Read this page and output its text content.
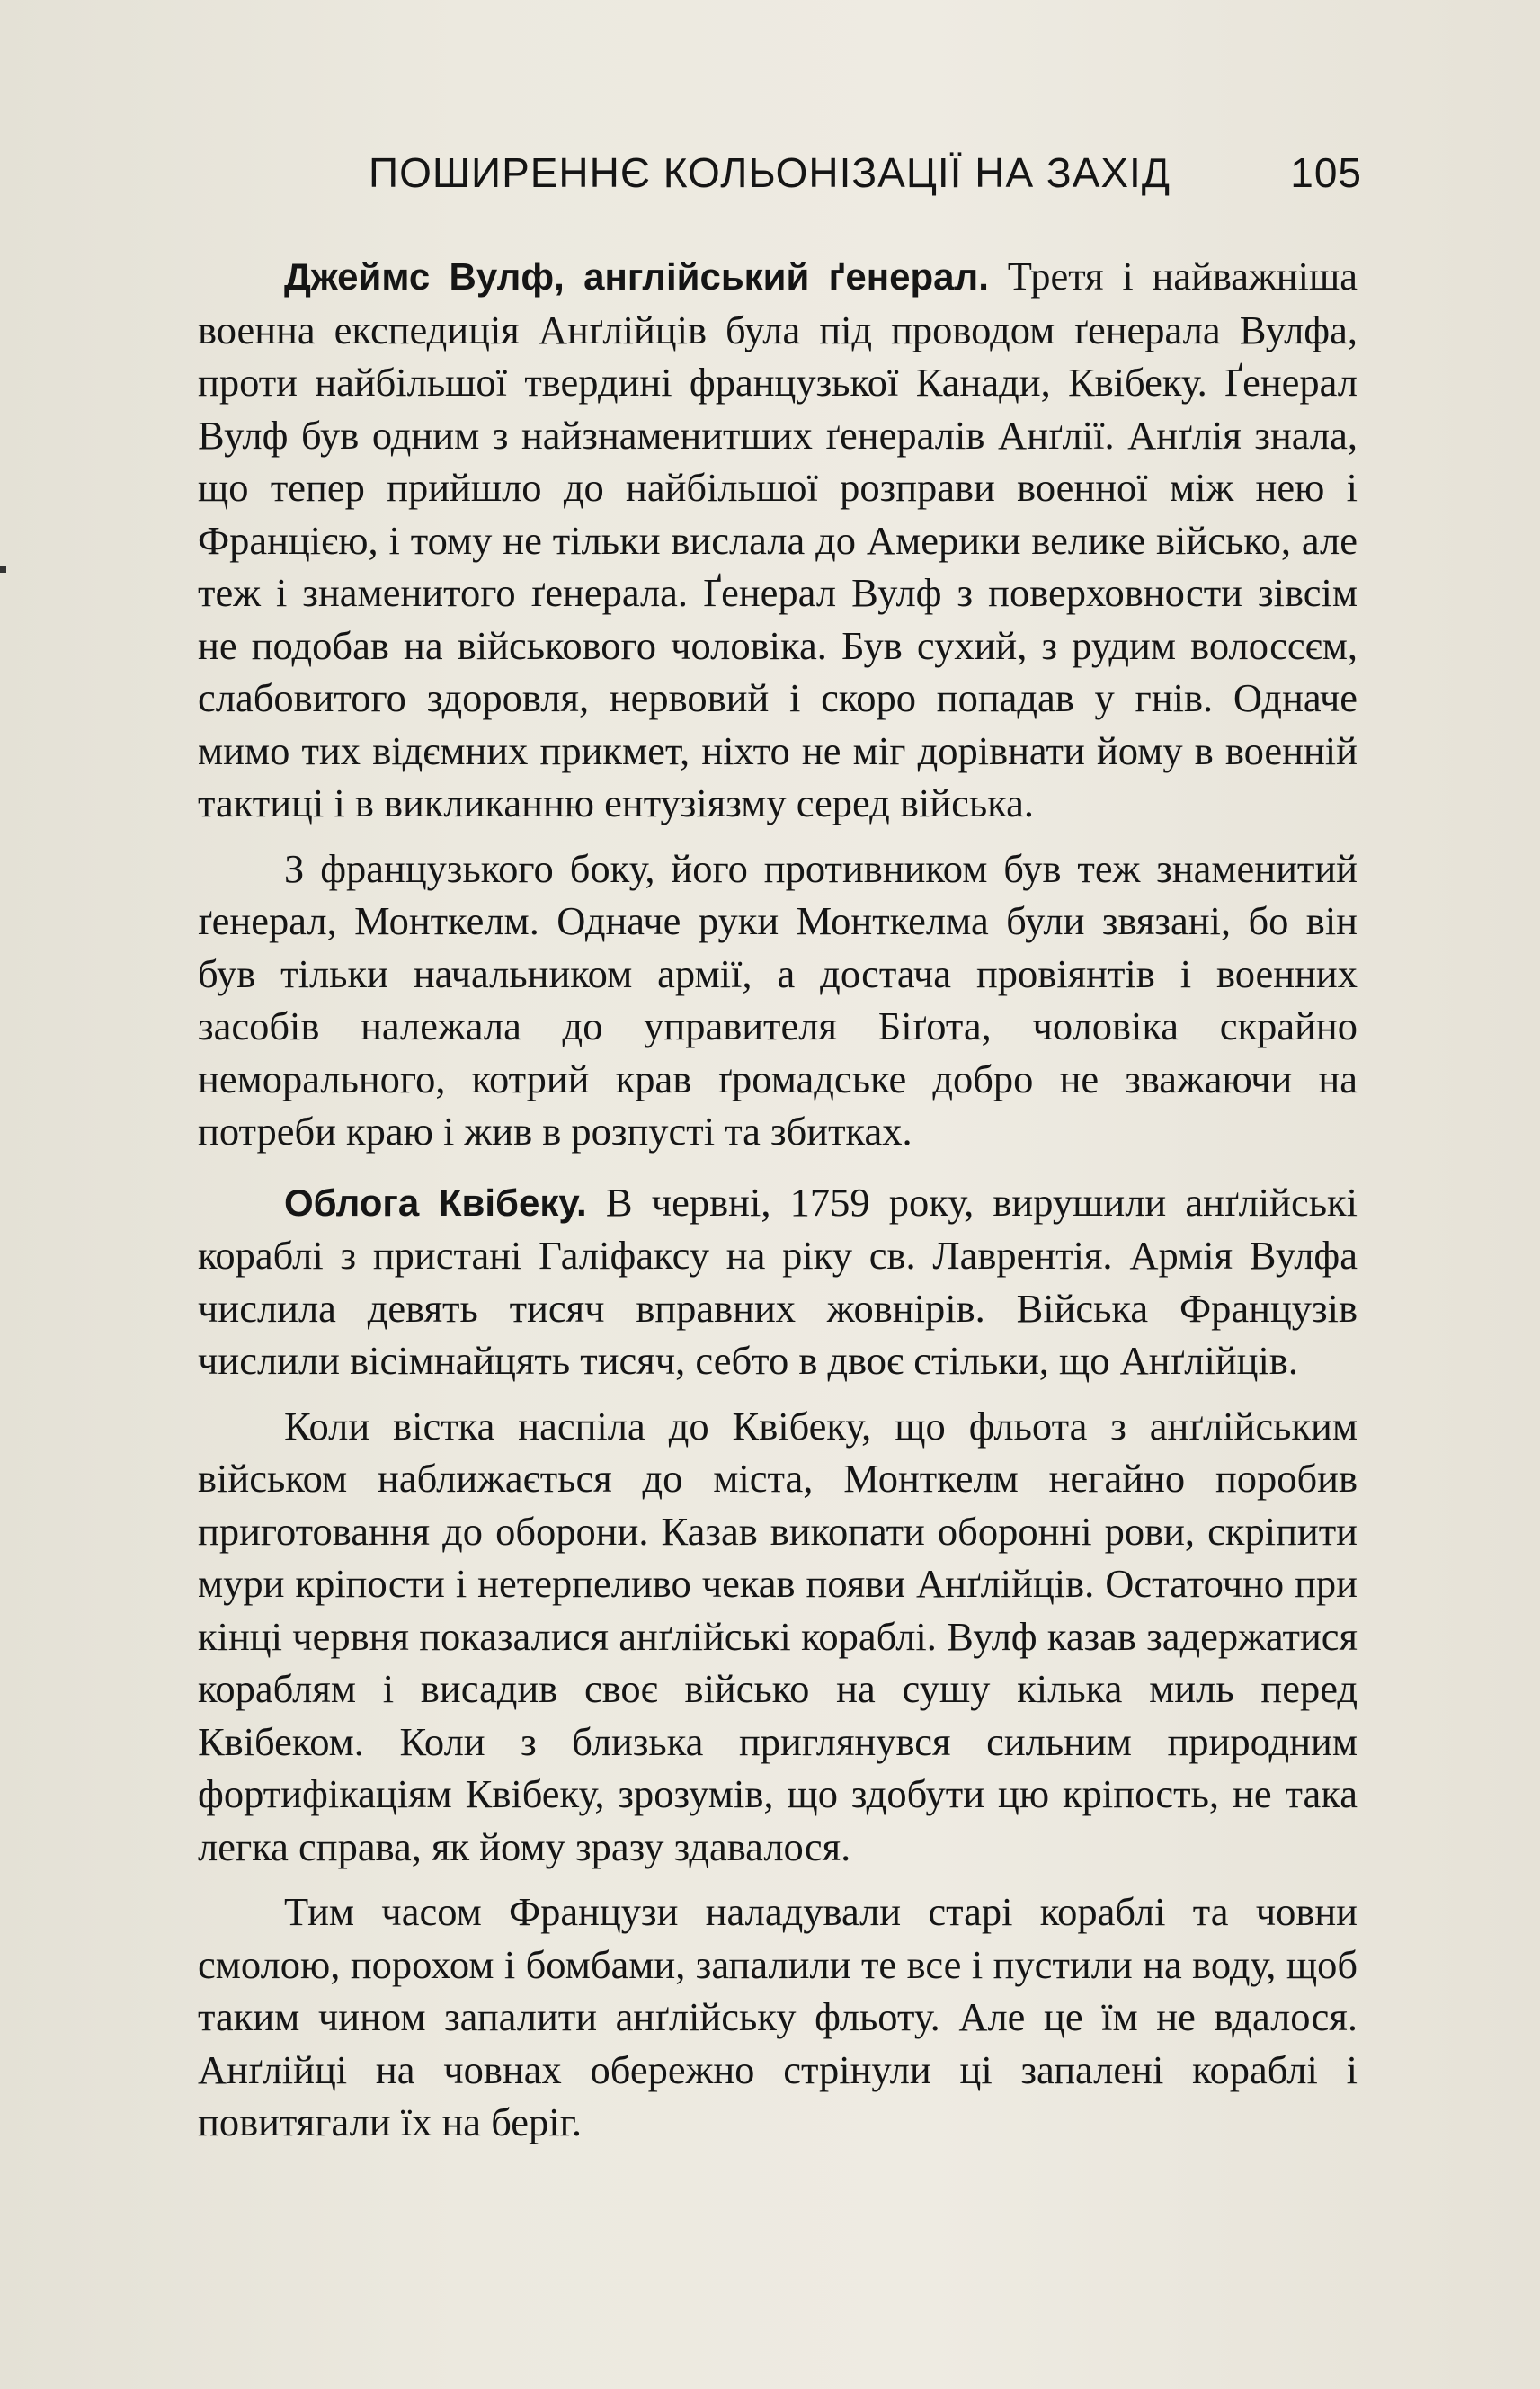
ПОШИРЕННЄ КОЛЬОНІЗАЦІЇ НА ЗАХІД	105

Джеймс Вулф, англійський ґенерал. Третя і найважніша военна експедиція Анґлійців була під проводом ґенерала Вулфа, проти найбільшої твердині французької Канади, Квібеку. Ґенерал Вулф був одним з найзнаменитших ґенералів Анґлії. Анґлія знала, що тепер прийшло до найбільшої розправи военної між нею і Францією, і тому не тільки вислала до Америки велике військо, але теж і знаменитого ґенерала. Ґенерал Вулф з поверховности зівсім не подобав на військового чоловіка. Був сухий, з рудим волоссєм, слабовитого здоровля, нервовий і скоро попадав у гнів. Одначе мимо тих відємних прикмет, ніхто не міг дорівнати йому в военній тактиці і в викликанню ентузіязму серед війська.

З французького боку, його противником був теж знаменитий ґенерал, Монткелм. Одначе руки Монткелма були звязані, бо він був тільки начальником армії, а достача провіянтів і военних засобів належала до управителя Біґота, чоловіка скрайно неморального, котрий крав ґромадське добро не зважаючи на потреби краю і жив в розпусті та збитках.

Облога Квібеку. В червні, 1759 року, вирушили анґлійські кораблі з пристані Галіфаксу на ріку св. Лаврентія. Армія Вулфа числила девять тисяч вправних жовнірів. Війська Французів числили вісімнайцять тисяч, себто в двоє стільки, що Анґлійців.

Коли вістка наспіла до Квібеку, що фльота з анґлійським військом наближається до міста, Монткелм негайно поробив приготовання до оборони. Казав викопати оборонні рови, скріпити мури кріпости і нетерпеливо чекав появи Анґлійців. Остаточно при кінці червня показалися анґлійські кораблі. Вулф казав задержатися кораблям і висадив своє військо на сушу кілька миль перед Квібеком. Коли з близька приглянувся сильним природним фортифікаціям Квібеку, зрозумів, що здобути цю кріпость, не така легка справа, як йому зразу здавалося.

Тим часом Французи наладували старі кораблі та човни смолою, порохом і бомбами, запалили те все і пустили на воду, щоб таким чином запалити анґлійську фльоту. Але це їм не вдалося. Анґлійці на човнах обережно стрінули ці запалені кораблі і повитягали їх на беріг.
